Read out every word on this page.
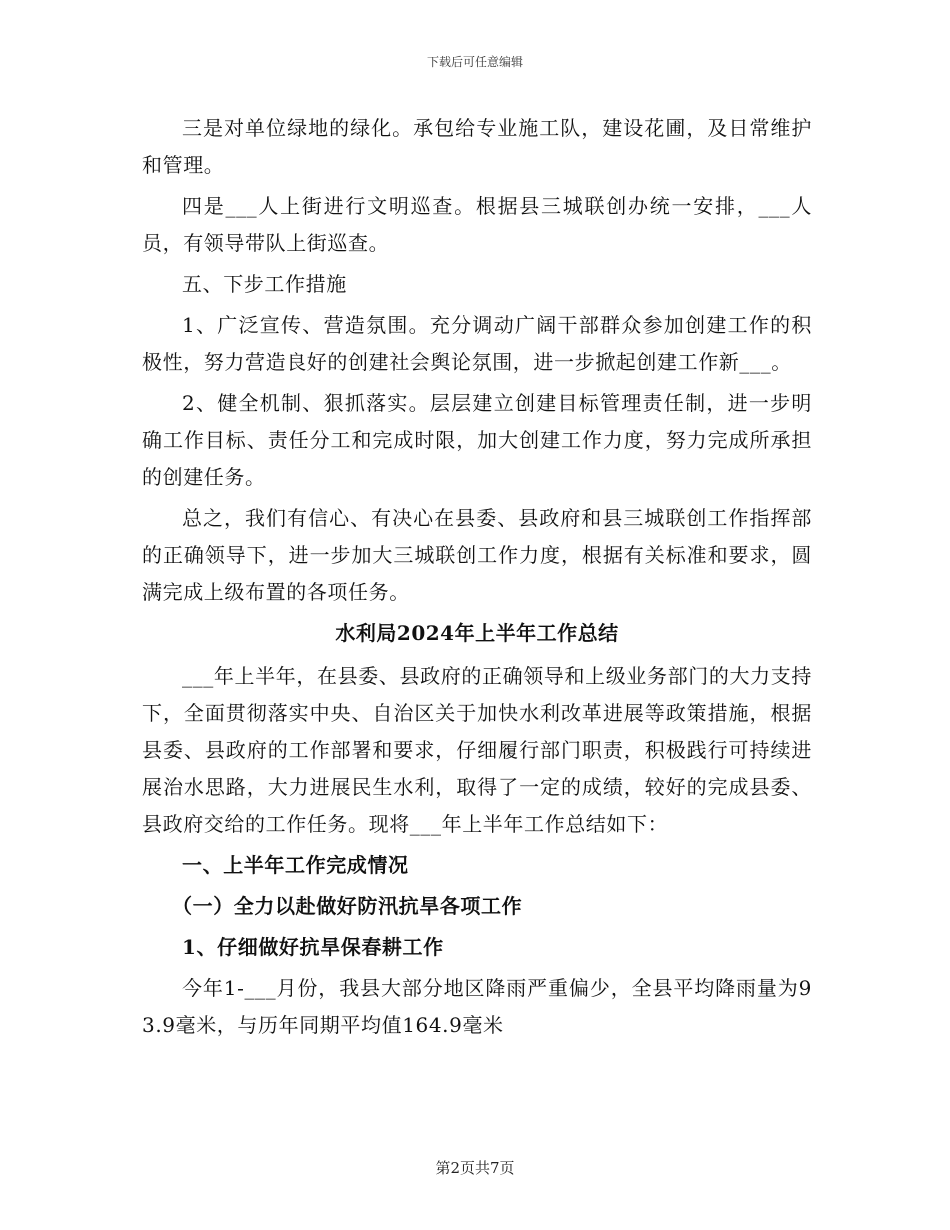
下载后可任意编辑

三是对单位绿地的绿化。承包给专业施工队，建设花圃，及日常维护和管理。

四是___人上街进行文明巡查。根据县三城联创办统一安排，___人员，有领导带队上街巡查。

五、下步工作措施

1、广泛宣传、营造氛围。充分调动广阔干部群众参加创建工作的积极性，努力营造良好的创建社会舆论氛围，进一步掀起创建工作新___。

2、健全机制、狠抓落实。层层建立创建目标管理责任制，进一步明确工作目标、责任分工和完成时限，加大创建工作力度，努力完成所承担的创建任务。

总之，我们有信心、有决心在县委、县政府和县三城联创工作指挥部的正确领导下，进一步加大三城联创工作力度，根据有关标准和要求，圆满完成上级布置的各项任务。

水利局2024年上半年工作总结

___年上半年，在县委、县政府的正确领导和上级业务部门的大力支持下，全面贯彻落实中央、自治区关于加快水利改革进展等政策措施，根据县委、县政府的工作部署和要求，仔细履行部门职责，积极践行可持续进展治水思路，大力进展民生水利，取得了一定的成绩，较好的完成县委、县政府交给的工作任务。现将___年上半年工作总结如下：

一、上半年工作完成情况
（一）全力以赴做好防汛抗旱各项工作
1、仔细做好抗旱保春耕工作

今年1-___月份，我县大部分地区降雨严重偏少，全县平均降雨量为93.9毫米，与历年同期平均值164.9毫米

第2页共7页
